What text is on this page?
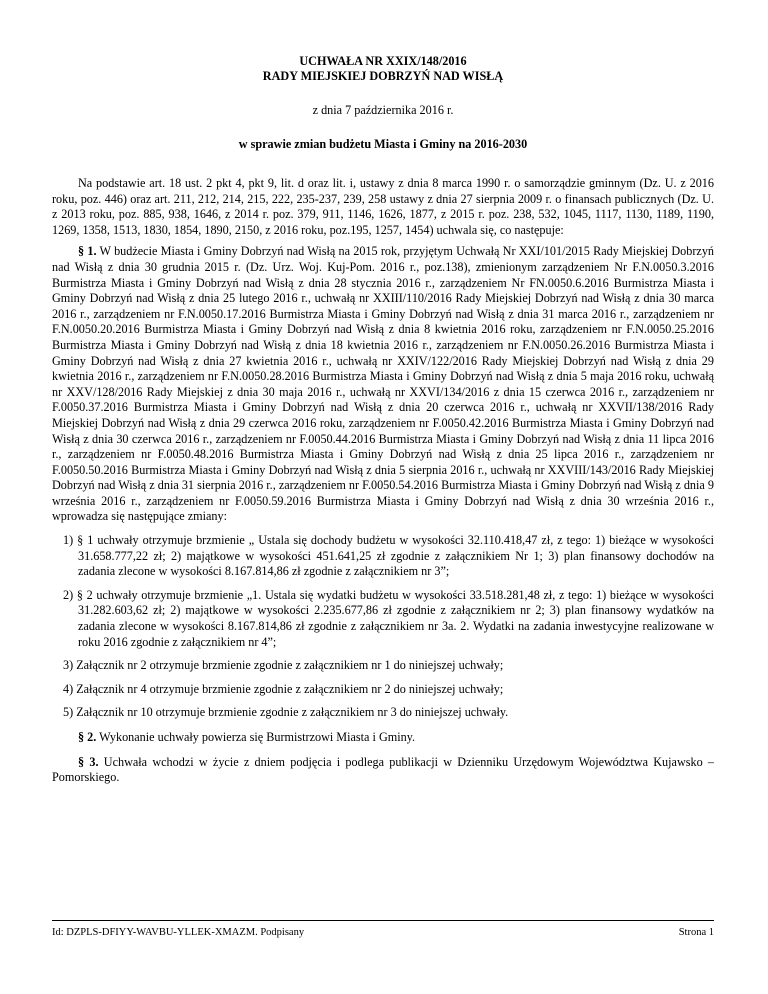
UCHWAŁA NR XXIX/148/2016
RADY MIEJSKIEJ DOBRZYŃ NAD WISŁĄ
z dnia 7 października 2016 r.
w sprawie zmian budżetu Miasta i Gminy na 2016-2030

Na podstawie art. 18 ust. 2 pkt 4, pkt 9, lit. d oraz lit. i, ustawy z dnia 8 marca 1990 r. o samorządzie gminnym (Dz. U. z 2016 roku, poz. 446) oraz art. 211, 212, 214, 215, 222, 235-237, 239, 258 ustawy z dnia 27 sierpnia 2009 r. o finansach publicznych (Dz. U. z 2013 roku, poz. 885, 938, 1646, z 2014 r. poz. 379, 911, 1146, 1626, 1877, z 2015 r. poz. 238, 532, 1045, 1117, 1130, 1189, 1190, 1269, 1358, 1513, 1830, 1854, 1890, 2150, z 2016 roku, poz.195, 1257, 1454) uchwala się, co następuje:

§ 1. W budżecie Miasta i Gminy Dobrzyń nad Wisłą na 2015 rok, przyjętym Uchwałą Nr XXI/101/2015 Rady Miejskiej Dobrzyń nad Wisłą z dnia 30 grudnia 2015 r. (Dz. Urz. Woj. Kuj-Pom. 2016 r., poz.138), zmienionym zarządzeniem Nr F.N.0050.3.2016 Burmistrza Miasta i Gminy Dobrzyń nad Wisłą z dnia 28 stycznia 2016 r., zarządzeniem Nr FN.0050.6.2016 Burmistrza Miasta i Gminy Dobrzyń nad Wisłą z dnia 25 lutego 2016 r., uchwałą nr XXIII/110/2016 Rady Miejskiej Dobrzyń nad Wisłą z dnia 30 marca 2016 r., zarządzeniem nr F.N.0050.17.2016 Burmistrza Miasta i Gminy Dobrzyń nad Wisłą z dnia 31 marca 2016 r., zarządzeniem nr F.N.0050.20.2016 Burmistrza Miasta i Gminy Dobrzyń nad Wisłą z dnia 8 kwietnia 2016 roku, zarządzeniem nr F.N.0050.25.2016 Burmistrza Miasta i Gminy Dobrzyń nad Wisłą z dnia 18 kwietnia 2016 r., zarządzeniem nr F.N.0050.26.2016 Burmistrza Miasta i Gminy Dobrzyń nad Wisłą z dnia 27 kwietnia 2016 r., uchwałą nr XXIV/122/2016 Rady Miejskiej Dobrzyń nad Wisłą z dnia 29 kwietnia 2016 r., zarządzeniem nr F.N.0050.28.2016 Burmistrza Miasta i Gminy Dobrzyń nad Wisłą z dnia 5 maja 2016 roku, uchwałą nr XXV/128/2016 Rady Miejskiej z dnia 30 maja 2016 r., uchwałą nr XXVI/134/2016 z dnia 15 czerwca 2016 r., zarządzeniem nr F.0050.37.2016 Burmistrza Miasta i Gminy Dobrzyń nad Wisłą z dnia 20 czerwca 2016 r., uchwałą nr XXVII/138/2016 Rady Miejskiej Dobrzyń nad Wisłą z dnia 29 czerwca 2016 roku, zarządzeniem nr F.0050.42.2016 Burmistrza Miasta i Gminy Dobrzyń nad Wisłą z dnia 30 czerwca 2016 r., zarządzeniem nr F.0050.44.2016 Burmistrza Miasta i Gminy Dobrzyń nad Wisłą z dnia 11 lipca 2016 r., zarządzeniem nr F.0050.48.2016 Burmistrza Miasta i Gminy Dobrzyń nad Wisłą z dnia 25 lipca 2016 r., zarządzeniem nr F.0050.50.2016 Burmistrza Miasta i Gminy Dobrzyń nad Wisłą z dnia 5 sierpnia 2016 r., uchwałą nr XXVIII/143/2016 Rady Miejskiej Dobrzyń nad Wisłą z dnia 31 sierpnia 2016 r., zarządzeniem nr F.0050.54.2016 Burmistrza Miasta i Gminy Dobrzyń nad Wisłą z dnia 9 września 2016 r., zarządzeniem nr F.0050.59.2016 Burmistrza Miasta i Gminy Dobrzyń nad Wisłą z dnia 30 września 2016 r., wprowadza się następujące zmiany:

1) § 1 uchwały otrzymuje brzmienie „ Ustala się dochody budżetu w wysokości 32.110.418,47 zł, z tego: 1) bieżące w wysokości 31.658.777,22 zł; 2) majątkowe w wysokości 451.641,25 zł zgodnie z załącznikiem Nr 1; 3) plan finansowy dochodów na zadania zlecone w wysokości 8.167.814,86 zł zgodnie z załącznikiem nr 3”;
2) § 2 uchwały otrzymuje brzmienie „1. Ustala się wydatki budżetu w wysokości 33.518.281,48 zł, z tego: 1) bieżące w wysokości 31.282.603,62 zł; 2) majątkowe w wysokości 2.235.677,86 zł zgodnie z załącznikiem nr 2; 3) plan finansowy wydatków na zadania zlecone w wysokości 8.167.814,86 zł zgodnie z załącznikiem nr 3a. 2. Wydatki na zadania inwestycyjne realizowane w roku 2016 zgodnie z załącznikiem nr 4”;
3) Załącznik nr 2 otrzymuje brzmienie zgodnie z załącznikiem nr 1 do niniejszej uchwały;
4) Załącznik nr 4 otrzymuje brzmienie zgodnie z załącznikiem nr 2 do niniejszej uchwały;
5) Załącznik nr 10 otrzymuje brzmienie zgodnie z załącznikiem nr 3 do niniejszej uchwały.

§ 2. Wykonanie uchwały powierza się Burmistrzowi Miasta i Gminy.

§ 3. Uchwała wchodzi w życie z dniem podjęcia i podlega publikacji w Dzienniku Urzędowym Województwa Kujawsko – Pomorskiego.

Id: DZPLS-DFIYY-WAVBU-YLLEK-XMAZM. Podpisany	Strona 1
